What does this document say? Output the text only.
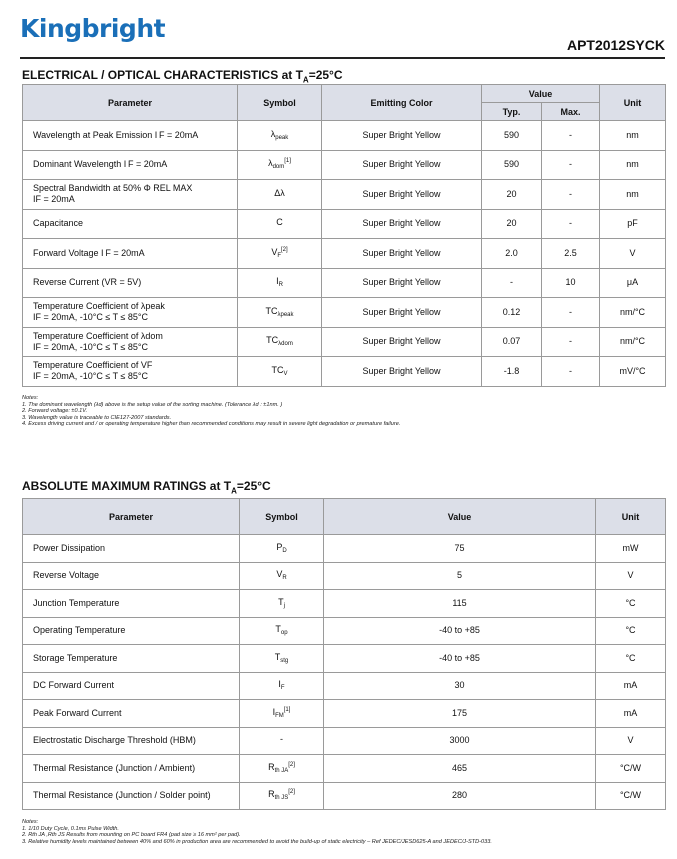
Kingbright
APT2012SYCK
ELECTRICAL / OPTICAL CHARACTERISTICS at $T_A=25^\circ C$
Parameter	Symbol	Emitting Color	Value		Unit
			Typ.	Max.	

Wavelength at Peak Emission I F = 20mA	$\lambda_{peak}$	Super Bright Yellow	590	-	nm

Dominant Wavelength I F = 20mA	$\lambda_{dom}[1]$	Super Bright Yellow	590	-	nm

Spectral Bandwidth at 50% Φ REL MAX
IF = 20mA	Δλ	Super Bright Yellow	20	-	nm

Capacitance	C	Super Bright Yellow	20	-	pF

Forward Voltage I F = 20mA	$V_F[2]$	Super Bright Yellow	2.0	2.5	V

Reverse Current (VR = 5V)	$I_R$	Super Bright Yellow	-	10	μA

Temperature Coefficient of λpeak
IF = 20mA, -10°C ≤ T ≤ 85°C	$TC_{\lambda peak}$	Super Bright Yellow	0.12	-	nm/°C

Temperature Coefficient of λdom
IF = 20mA, -10°C ≤ T ≤ 85°C	$TC_{\lambda dom}$	Super Bright Yellow	0.07	-	nm/°C

Temperature Coefficient of VF
IF = 20mA, -10°C ≤ T ≤ 85°C	$TC_V$	Super Bright Yellow	-1.8	-	mV/°C
Notes:
1. The dominant wavelength (λd) above is the setup value of the sorting machine. (Tolerance λd : ±1nm. )
2. Forward voltage: ±0.1V.
3. Wavelength value is traceable to CIE127-2007 standards.
4. Excess driving current and / or operating temperature higher than recommended conditions may result in severe light degradation or premature failure.
ABSOLUTE MAXIMUM RATINGS at $T_A=25^\circ C$
Parameter	Symbol	Value	Unit
Power Dissipation	$P_D$	75	mW
Reverse Voltage	$V_R$	5	V
Junction Temperature	$T_j$	115	°C
Operating Temperature	$T_{op}$	-40 to +85	°C
Storage Temperature	$T_{stg}$	-40 to +85	°C
DC Forward Current	$I_F$	30	mA
Peak Forward Current	$I_{FM}[1]$	175	mA
Electrostatic Discharge Threshold (HBM)	-	3000	V
Thermal Resistance (Junction / Ambient)	$R_{th JA}[2]$	465	°C/W
Thermal Resistance (Junction / Solder point)	$R_{th JS}[2]$	280	°C/W
Notes:
1. 1/10 Duty Cycle, 0.1ms Pulse Width.
2. Rth JA ,Rth JS Results from mounting on PC board FR4 (pad size ≥ 16 mm² per pad).
3. Relative humidity levels maintained between 40% and 60% in production area are recommended to avoid the build-up of static electricity – Ref JEDEC/JESD625-A and JEDEC/J-STD-033.
